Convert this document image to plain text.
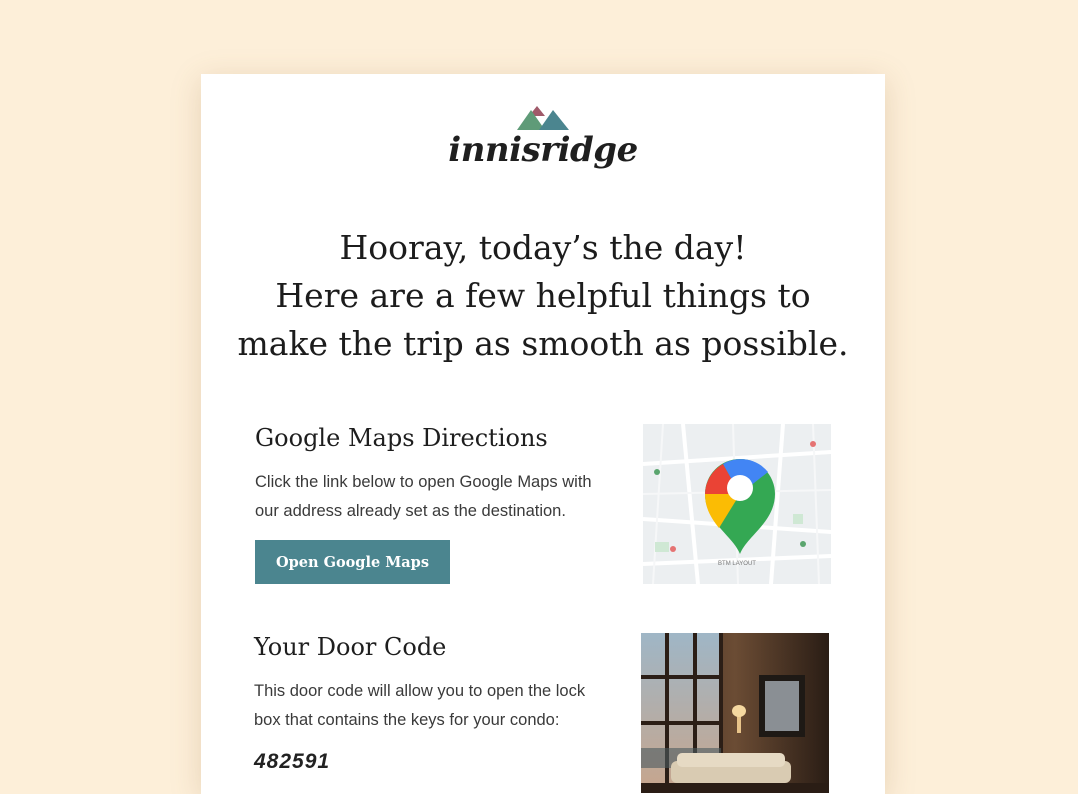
innisridge
Hooray, today’s the day!
Here are a few helpful things to
make the trip as smooth as possible.
Google Maps Directions

Click the link below to open Google Maps with our address already set as the destination.

Open Google Maps	BTM LAYOUT
Your Door Code

This door code will allow you to open the lock box that contains the keys for your condo:

482591
